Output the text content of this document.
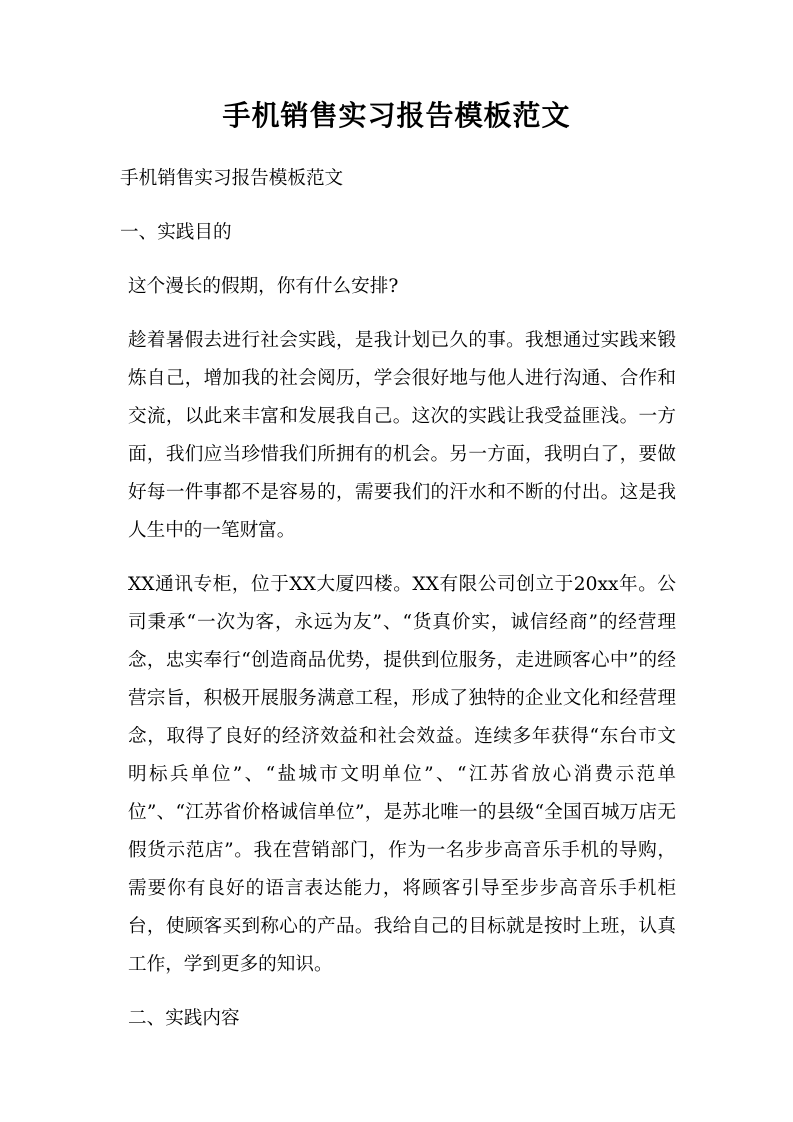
手机销售实习报告模板范文

手机销售实习报告模板范文

一、实践目的

这个漫长的假期，你有什么安排?

趁着暑假去进行社会实践，是我计划已久的事。我想通过实践来锻炼自己，增加我的社会阅历，学会很好地与他人进行沟通、合作和交流，以此来丰富和发展我自己。这次的实践让我受益匪浅。一方面，我们应当珍惜我们所拥有的机会。另一方面，我明白了，要做好每一件事都不是容易的，需要我们的汗水和不断的付出。这是我人生中的一笔财富。

XX通讯专柜，位于XX大厦四楼。XX有限公司创立于20xx年。公司秉承“一次为客，永远为友”、“货真价实，诚信经商”的经营理念，忠实奉行“创造商品优势，提供到位服务，走进顾客心中”的经营宗旨，积极开展服务满意工程，形成了独特的企业文化和经营理念，取得了良好的经济效益和社会效益。连续多年获得“东台市文明标兵单位”、“盐城市文明单位”、“江苏省放心消费示范单位”、“江苏省价格诚信单位”，是苏北唯一的县级“全国百城万店无假货示范店”。我在营销部门，作为一名步步高音乐手机的导购，需要你有良好的语言表达能力，将顾客引导至步步高音乐手机柜台，使顾客买到称心的产品。我给自己的目标就是按时上班，认真工作，学到更多的知识。

二、实践内容
